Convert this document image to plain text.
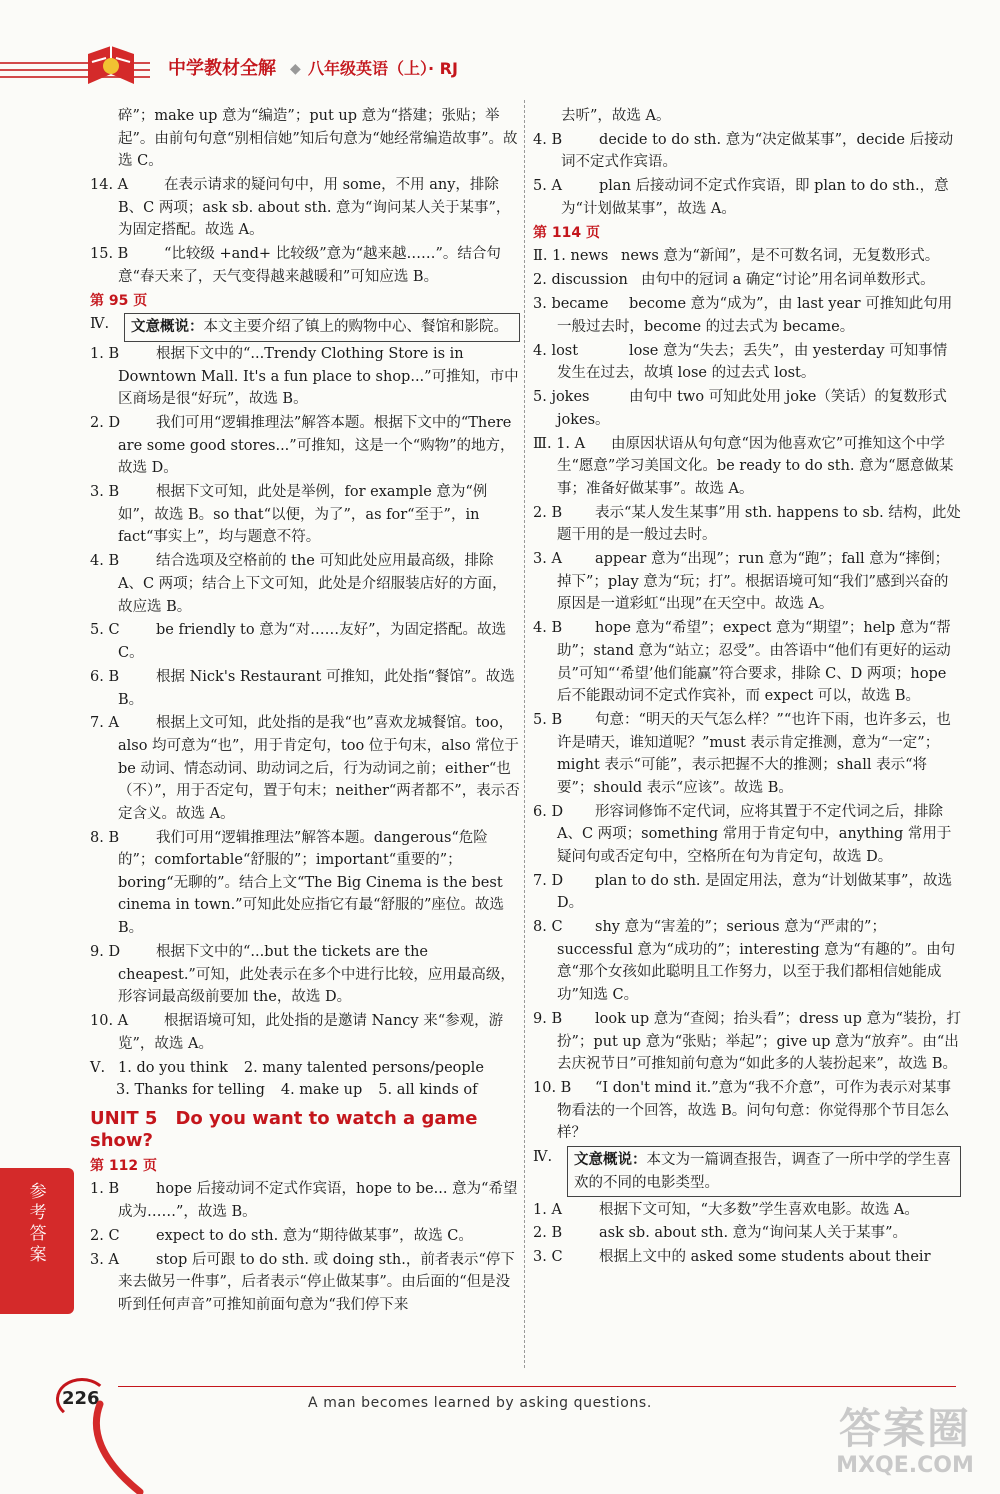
中学教材全解 ◆ 八年级英语（上）· RJ
碎”；make up 意为“编造”；put up 意为“搭建；张贴；举起”。由前句句意“别相信她”知后句意为“她经常编造故事”。故选 C。
14. A 在表示请求的疑问句中，用 some，不用 any，排除 B、C 两项；ask sb. about sth. 意为“询问某人关于某事”，为固定搭配。故选 A。
15. B “比较级 +and+ 比较级”意为“越来越……”。结合句意“春天来了，天气变得越来越暖和”可知应选 B。
第 95 页
Ⅳ.	文意概说：本文主要介绍了镇上的购物中心、餐馆和影院。
1. B	根据下文中的“...Trendy Clothing Store is in Downtown Mall. It's a fun place to shop...”可推知，市中区商场是很“好玩”，故选 B。
2. D 我们可用“逻辑推理法”解答本题。根据下文中的“There are some good stores...”可推知，这是一个“购物”的地方，故选 D。
3. B	根据下文可知，此处是举例，for example 意为“例如”，故选 B。so that“以便，为了”，as for“至于”，in fact“事实上”，均与题意不符。
4. B	结合选项及空格前的 the 可知此处应用最高级，排除 A、C 两项；结合上下文可知，此处是介绍服装店好的方面，故应选 B。
5. C	be friendly to 意为“对……友好”，为固定搭配。故选 C。
6. B	根据 Nick's Restaurant 可推知，此处指“餐馆”。故选 B。
7. A	根据上文可知，此处指的是我“也”喜欢龙城餐馆。too，also 均可意为“也”，用于肯定句，too 位于句末，also 常位于 be 动词、情态动词、助动词之后，行为动词之前；either“也（不）”，用于否定句，置于句末；neither“两者都不”，表示否定含义。故选 A。
8. B	我们可用“逻辑推理法”解答本题。dangerous“危险的”；comfortable“舒服的”；important“重要的”；boring“无聊的”。结合上文“The Big Cinema is the best cinema in town.”可知此处应指它有最“舒服的”座位。故选 B。
9. D 根据下文中的“...but the tickets are the cheapest.”可知，此处表示在多个中进行比较，应用最高级，形容词最高级前要加 the，故选 D。
10. A 根据语境可知，此处指的是邀请 Nancy 来“参观，游览”，故选 A。
Ⅴ. 1. do you think 2. many talented persons/people
3. Thanks for telling 4. make up 5. all kinds of
UNIT 5　Do you want to watch a game show?
第 112 页
1. B	hope 后接动词不定式作宾语，hope to be... 意为“希望成为……”，故选 B。
2. C	expect to do sth. 意为“期待做某事”，故选 C。
3. A	stop 后可跟 to do sth. 或 doing sth.，前者表示“停下来去做另一件事”，后者表示“停止做某事”。由后面的“但是没听到任何声音”可推知前面句意为“我们停下来
去听”，故选 A。
4. B	decide to do sth. 意为“决定做某事”，decide 后接动词不定式作宾语。
5. A	plan 后接动词不定式作宾语，即 plan to do sth.，意为“计划做某事”，故选 A。
第 114 页
Ⅱ. 1. news news 意为“新闻”，是不可数名词，无复数形式。
2. discussion 由句中的冠词 a 确定“讨论”用名词单数形式。
3. became become 意为“成为”，由 last year 可推知此句用一般过去时，become 的过去式为 became。
4. lost	lose 意为“失去；丢失”，由 yesterday 可知事情发生在过去，故填 lose 的过去式 lost。
5. jokes	由句中 two 可知此处用 joke（笑话）的复数形式 jokes。
Ⅲ. 1. A 由原因状语从句句意“因为他喜欢它”可推知这个中学生“愿意”学习美国文化。be ready to do sth. 意为“愿意做某事；准备好做某事”。故选 A。
2. B 表示“某人发生某事”用 sth. happens to sb. 结构，此处题干用的是一般过去时。
3. A appear 意为“出现”；run 意为“跑”；fall 意为“摔倒；掉下”；play 意为“玩；打”。根据语境可知“我们”感到兴奋的原因是一道彩虹“出现”在天空中。故选 A。
4. B hope 意为“希望”；expect 意为“期望”；help 意为“帮助”；stand 意为“站立；忍受”。由答语中“他们有更好的运动员”可知“‘希望’他们能赢”符合要求，排除 C、D 两项；hope 后不能跟动词不定式作宾补，而 expect 可以，故选 B。
5. B 句意：“明天的天气怎么样？”“也许下雨，也许多云，也许是晴天，谁知道呢？”must 表示肯定推测，意为“一定”；might 表示“可能”，表示把握不大的推测；shall 表示“将要”；should 表示“应该”。故选 B。
6. D 形容词修饰不定代词，应将其置于不定代词之后，排除 A、C 两项；something 常用于肯定句中，anything 常用于疑问句或否定句中，空格所在句为肯定句，故选 D。
7. D plan to do sth. 是固定用法，意为“计划做某事”，故选 D。
8. C shy 意为“害羞的”；serious 意为“严肃的”；successful 意为“成功的”；interesting 意为“有趣的”。由句意“那个女孩如此聪明且工作努力，以至于我们都相信她能成功”知选 C。
9. B look up 意为“查阅；抬头看”；dress up 意为“装扮，打扮”；put up 意为“张贴；举起”；give up 意为“放弃”。由“出去庆祝节日”可推知前句意为“如此多的人装扮起来”，故选 B。
10. B “I don't mind it.”意为“我不介意”，可作为表示对某事物看法的一个回答，故选 B。问句句意：你觉得那个节目怎么样？
Ⅳ.	文意概说：本文为一篇调查报告，调查了一所中学的学生喜欢的不同的电影类型。
1. A	根据下文可知，“大多数”学生喜欢电影。故选 A。
2. B	ask sb. about sth. 意为“询问某人关于某事”。
3. C	根据上文中的 asked some students about their
参考答案
226	A man becomes learned by asking questions.
答案圈
MXQE.COM
